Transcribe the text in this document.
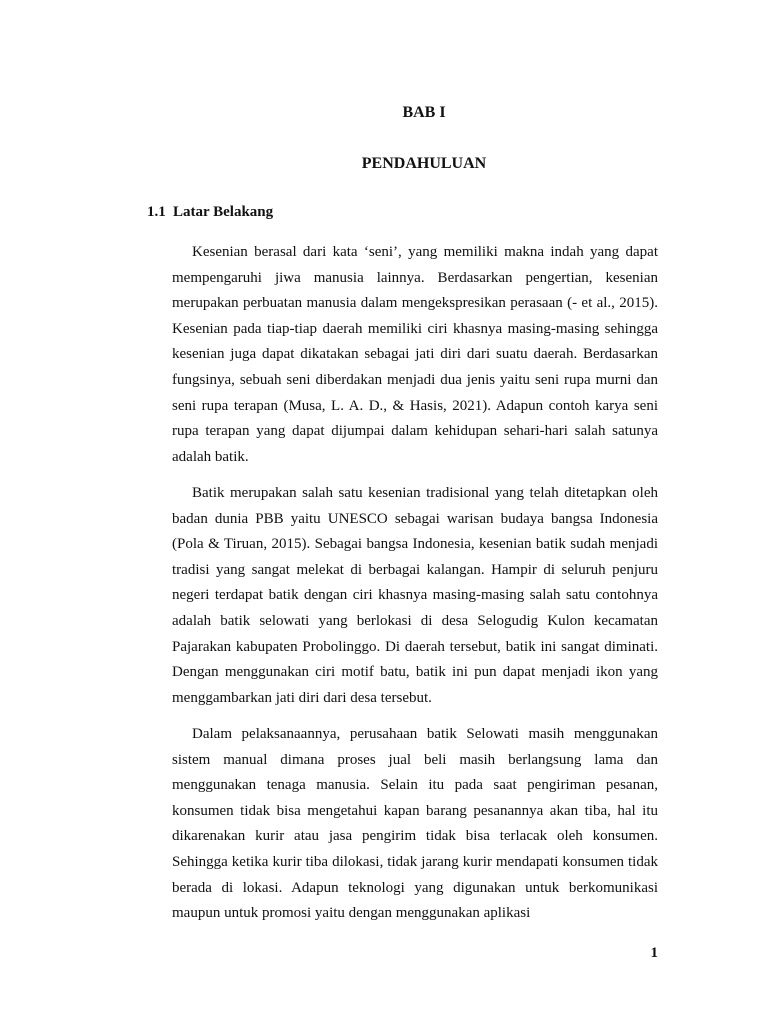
BAB I
PENDAHULUAN
1.1 Latar Belakang

Kesenian berasal dari kata ‘seni’, yang memiliki makna indah yang dapat mempengaruhi jiwa manusia lainnya. Berdasarkan pengertian, kesenian merupakan perbuatan manusia dalam mengekspresikan perasaan (- et al., 2015). Kesenian pada tiap-tiap daerah memiliki ciri khasnya masing-masing sehingga kesenian juga dapat dikatakan sebagai jati diri dari suatu daerah. Berdasarkan fungsinya, sebuah seni diberdakan menjadi dua jenis yaitu seni rupa murni dan seni rupa terapan (Musa, L. A. D., & Hasis, 2021). Adapun contoh karya seni rupa terapan yang dapat dijumpai dalam kehidupan sehari-hari salah satunya adalah batik.

Batik merupakan salah satu kesenian tradisional yang telah ditetapkan oleh badan dunia PBB yaitu UNESCO sebagai warisan budaya bangsa Indonesia (Pola & Tiruan, 2015). Sebagai bangsa Indonesia, kesenian batik sudah menjadi tradisi yang sangat melekat di berbagai kalangan. Hampir di seluruh penjuru negeri terdapat batik dengan ciri khasnya masing-masing salah satu contohnya adalah batik selowati yang berlokasi di desa Selogudig Kulon kecamatan Pajarakan kabupaten Probolinggo. Di daerah tersebut, batik ini sangat diminati. Dengan menggunakan ciri motif batu, batik ini pun dapat menjadi ikon yang menggambarkan jati diri dari desa tersebut.

Dalam pelaksanaannya, perusahaan batik Selowati masih menggunakan sistem manual dimana proses jual beli masih berlangsung lama dan menggunakan tenaga manusia. Selain itu pada saat pengiriman pesanan, konsumen tidak bisa mengetahui kapan barang pesanannya akan tiba, hal itu dikarenakan kurir atau jasa pengirim tidak bisa terlacak oleh konsumen. Sehingga ketika kurir tiba dilokasi, tidak jarang kurir mendapati konsumen tidak berada di lokasi. Adapun teknologi yang digunakan untuk berkomunikasi maupun untuk promosi yaitu dengan menggunakan aplikasi

1
